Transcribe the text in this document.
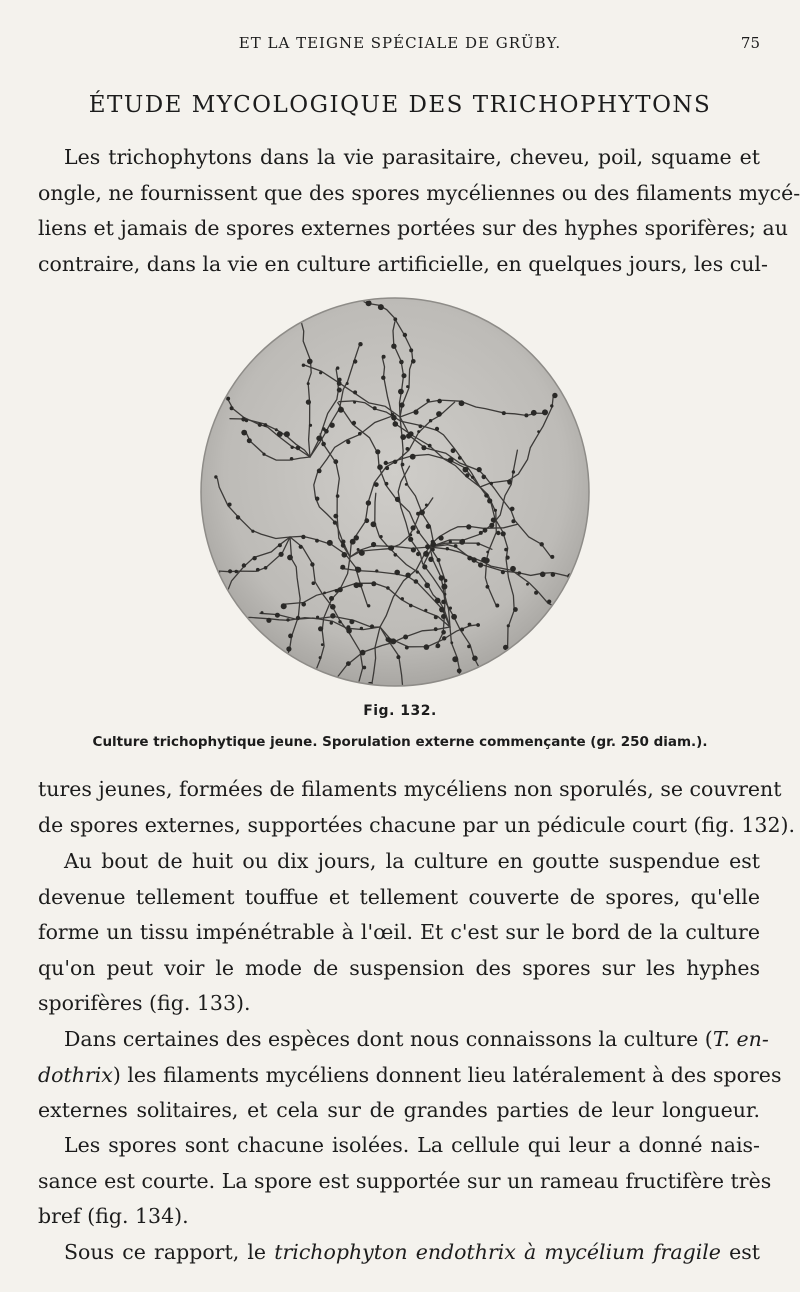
ET LA TEIGNE SPÉCIALE DE GRÜBY.	75
ÉTUDE MYCOLOGIQUE DES TRICHOPHYTONS

Les trichophytons dans la vie parasitaire, cheveu, poil, squame et
ongle, ne fournissent que des spores mycéliennes ou des filaments mycé-
liens et jamais de spores externes portées sur des hyphes sporifères; au
contraire, dans la vie en culture artificielle, en quelques jours, les cul-

Fig. 132.
Culture trichophytique jeune. Sporulation externe commençante (gr. 250 diam.).

tures jeunes, formées de filaments mycéliens non sporulés, se couvrent
de spores externes, supportées chacune par un pédicule court (fig. 132).

Au bout de huit ou dix jours, la culture en goutte suspendue est
devenue tellement touffue et tellement couverte de spores, qu'elle
forme un tissu impénétrable à l'œil. Et c'est sur le bord de la culture
qu'on peut voir le mode de suspension des spores sur les hyphes
sporifères (fig. 133).

Dans certaines des espèces dont nous connaissons la culture (T. en-
dothrix) les filaments mycéliens donnent lieu latéralement à des spores
externes solitaires, et cela sur de grandes parties de leur longueur.

Les spores sont chacune isolées. La cellule qui leur a donné nais-
sance est courte. La spore est supportée sur un rameau fructifère très
bref (fig. 134).

Sous ce rapport, le trichophyton endothrix à mycélium fragile est
